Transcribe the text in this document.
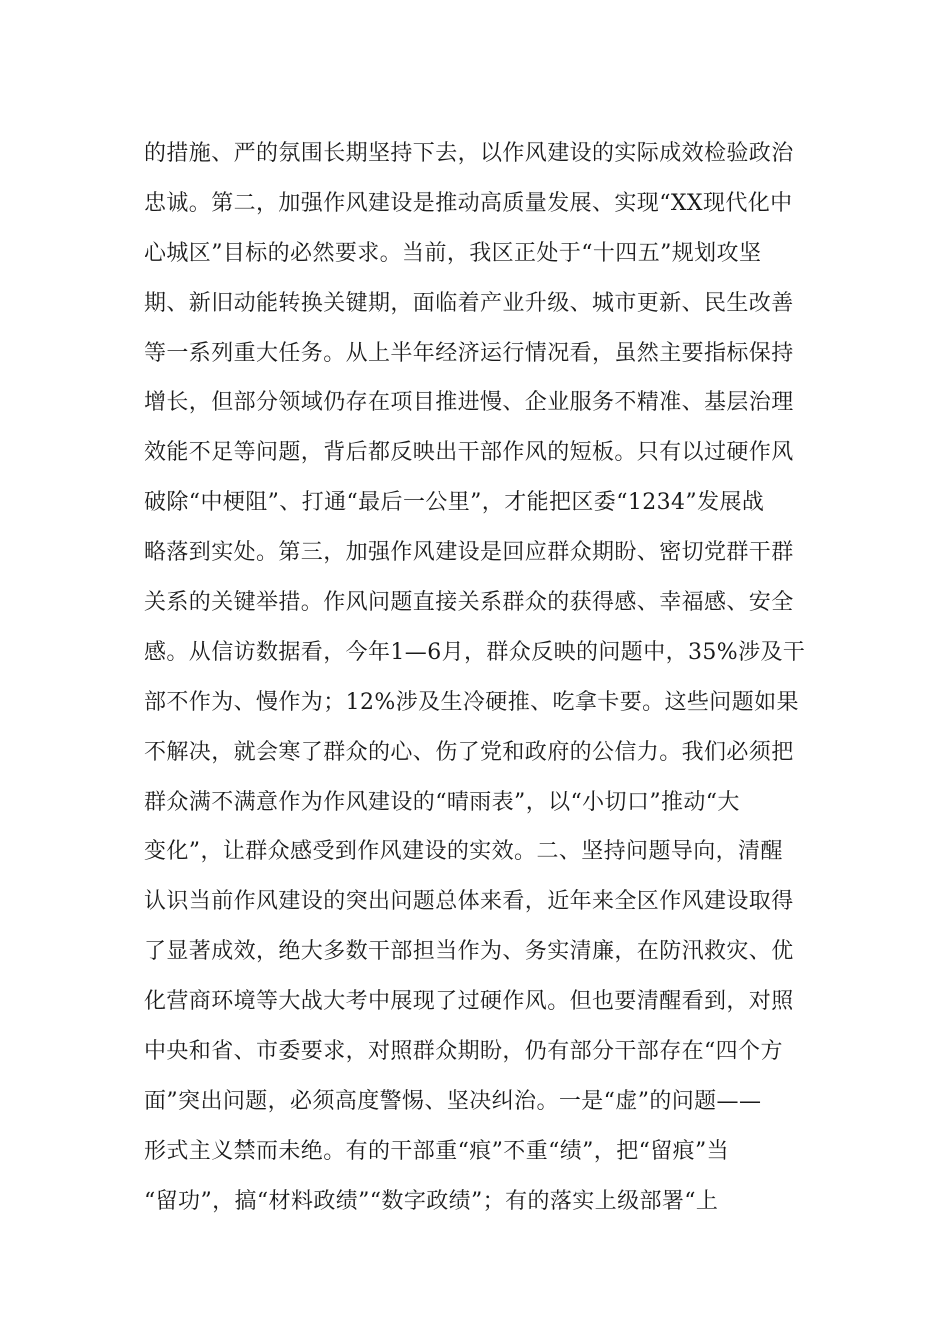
的措施、严的氛围长期坚持下去，以作风建设的实际成效检验政治
忠诚。第二，加强作风建设是推动高质量发展、实现“XX现代化中
心城区”目标的必然要求。当前，我区正处于“十四五”规划攻坚
期、新旧动能转换关键期，面临着产业升级、城市更新、民生改善
等一系列重大任务。从上半年经济运行情况看，虽然主要指标保持
增长，但部分领域仍存在项目推进慢、企业服务不精准、基层治理
效能不足等问题，背后都反映出干部作风的短板。只有以过硬作风
破除“中梗阻”、打通“最后一公里”，才能把区委“1234”发展战
略落到实处。第三，加强作风建设是回应群众期盼、密切党群干群
关系的关键举措。作风问题直接关系群众的获得感、幸福感、安全
感。从信访数据看，今年1—6月，群众反映的问题中，35%涉及干
部不作为、慢作为；12%涉及生冷硬推、吃拿卡要。这些问题如果
不解决，就会寒了群众的心、伤了党和政府的公信力。我们必须把
群众满不满意作为作风建设的“晴雨表”，以“小切口”推动“大
变化”，让群众感受到作风建设的实效。二、坚持问题导向，清醒
认识当前作风建设的突出问题总体来看，近年来全区作风建设取得
了显著成效，绝大多数干部担当作为、务实清廉，在防汛救灾、优
化营商环境等大战大考中展现了过硬作风。但也要清醒看到，对照
中央和省、市委要求，对照群众期盼，仍有部分干部存在“四个方
面”突出问题，必须高度警惕、坚决纠治。一是“虚”的问题——
形式主义禁而未绝。有的干部重“痕”不重“绩”，把“留痕”当
“留功”，搞“材料政绩”“数字政绩”；有的落实上级部署“上
